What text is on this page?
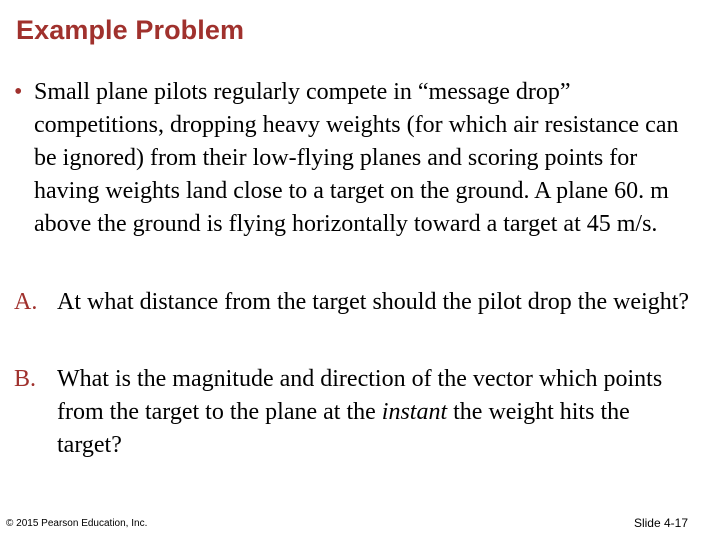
Example Problem
• Small plane pilots regularly compete in “message drop” competitions, dropping heavy weights (for which air resistance can be ignored) from their low-flying planes and scoring points for having weights land close to a target on the ground. A plane 60. m above the ground is flying horizontally toward a target at 45 m/s.
A. At what distance from the target should the pilot drop the weight?
B. What is the magnitude and direction of the vector which points from the target to the plane at the instant the weight hits the target?
© 2015 Pearson Education, Inc.	Slide 4-17
